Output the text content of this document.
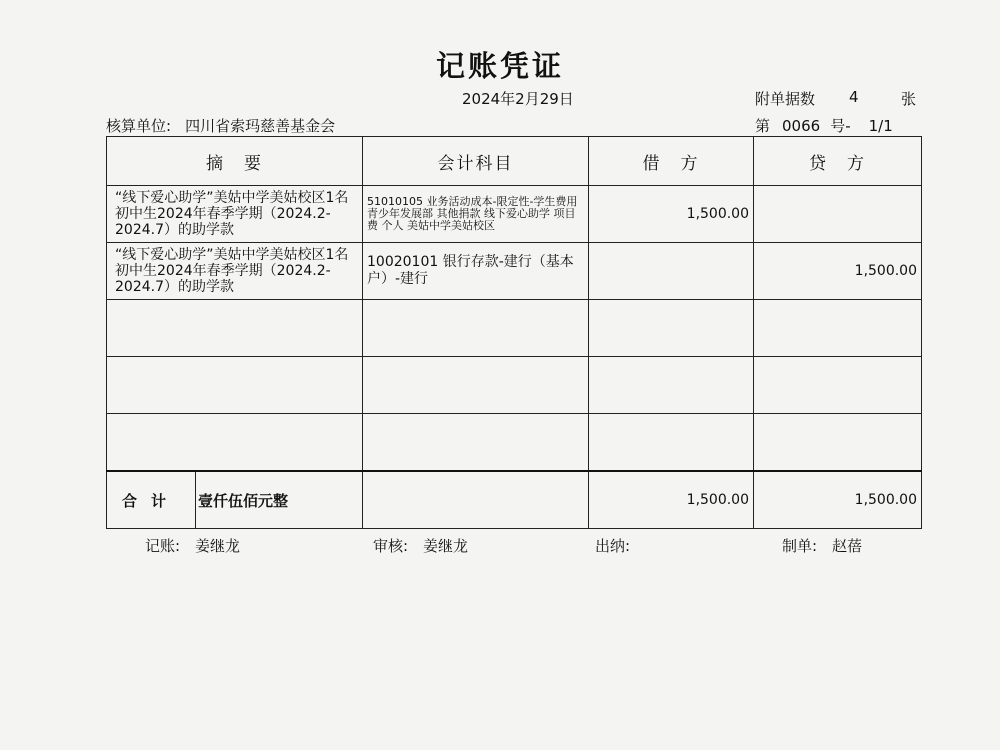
记账凭证
2024年2月29日	附单据数 4	张
核算单位: 四川省索玛慈善基金会	第 0066 号- 1/1
摘　要	会计科目	借　方	贷　方
“线下爱心助学”美姑中学美姑校区1名初中生2024年春季学期（2024.2-2024.7）的助学款	51010105 业务活动成本-限定性-学生费用 青少年发展部 其他捐款 线下爱心助学 项目费 个人 美姑中学美姑校区	1,500.00	
“线下爱心助学”美姑中学美姑校区1名初中生2024年春季学期（2024.2-2024.7）的助学款	10020101 银行存款-建行（基本户）-建行		1,500.00

合计 壹仟伍佰元整		1,500.00	1,500.00
记账:　姜继龙	审核:　姜继龙	出纳:	制单:　赵蓓
